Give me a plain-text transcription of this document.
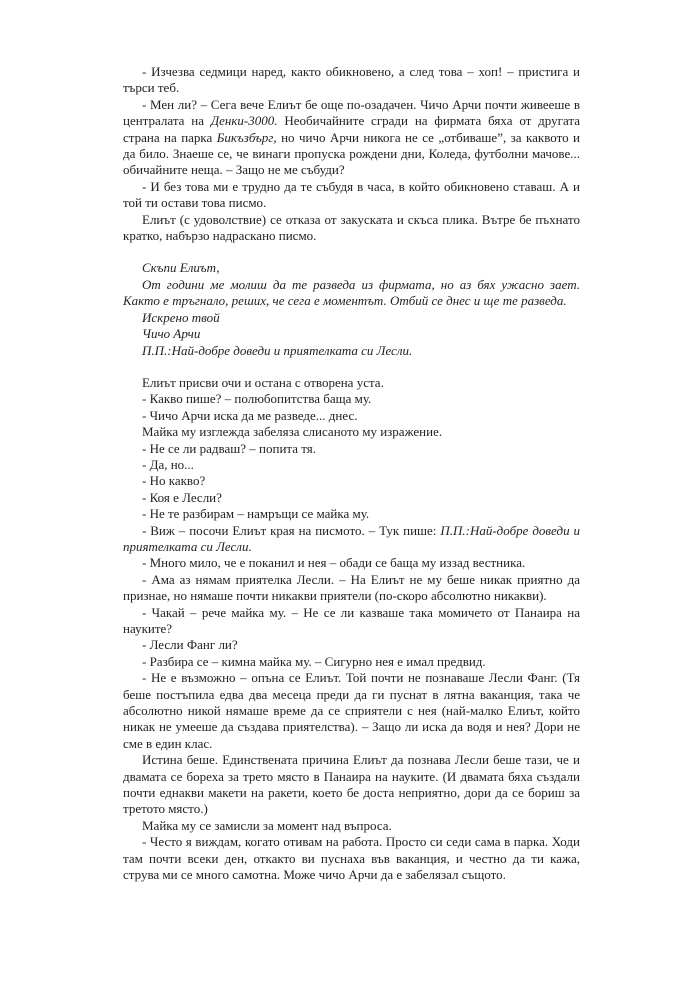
- Изчезва седмици наред, както обикновено, а след това – хоп! – пристига и търси теб.

- Мен ли? – Сега вече Елиът бе още по-озадачен. Чичо Арчи почти живееше в централата на Денки-3000. Необичайните сгради на фирмата бяха от другата страна на парка Бикъзбърг, но чичо Арчи никога не се „отбиваше”, за каквото и да било. Знаеше се, че винаги пропуска рождени дни, Коледа, футболни мачове... обичайните неща. – Защо не ме събуди?

- И без това ми е трудно да те събудя в часа, в който обикновено ставаш. А и той ти остави това писмо.

Елиът (с удоволствие) се отказа от закуската и скъса плика. Вътре бе пъхнато кратко, набързо надраскано писмо.

Скъпи Елиът,

От години ме молиш да те разведа из фирмата, но аз бях ужасно зает. Както е тръгнало, реших, че сега е моментът. Отбий се днес и ще те разведа.

Искрено твой

Чичо Арчи

П.П.:Най-добре доведи и приятелката си Лесли.

Елиът присви очи и остана с отворена уста.

- Какво пише? – полюбопитства баща му.

- Чичо Арчи иска да ме разведе... днес.

Майка му изглежда забеляза слисаното му изражение.

- Не се ли радваш? – попита тя.

- Да, но...

- Но какво?

- Коя е Лесли?

- Не те разбирам – намръщи се майка му.

- Виж – посочи Елиът края на писмото. – Тук пише: П.П.:Най-добре доведи и приятелката си Лесли.

- Много мило, че е поканил и нея – обади се баща му иззад вестника.

- Ама аз нямам приятелка Лесли. – На Елиът не му беше никак приятно да признае, но нямаше почти никакви приятели (по-скоро абсолютно никакви).

- Чакай – рече майка му. – Не се ли казваше така момичето от Панаира на науките?

- Лесли Фанг ли?

- Разбира се – кимна майка му. – Сигурно нея е имал предвид.

- Не е възможно – опъна се Елиът. Той почти не познаваше Лесли Фанг. (Тя беше постъпила едва два месеца преди да ги пуснат в лятна ваканция, така че абсолютно никой нямаше време да се сприятели с нея (най-малко Елиът, който никак не умееше да създава приятелства). – Защо ли иска да водя и нея? Дори не сме в един клас.

Истина беше. Единствената причина Елиът да познава Лесли беше тази, че и двамата се бореха за трето място в Панаира на науките. (И двамата бяха създали почти еднакви макети на ракети, което бе доста неприятно, дори да се бориш за третото място.)

Майка му се замисли за момент над въпроса.

- Често я виждам, когато отивам на работа. Просто си седи сама в парка. Ходи там почти всеки ден, откакто ви пуснаха във ваканция, и честно да ти кажа, струва ми се много самотна. Може чичо Арчи да е забелязал същото.
